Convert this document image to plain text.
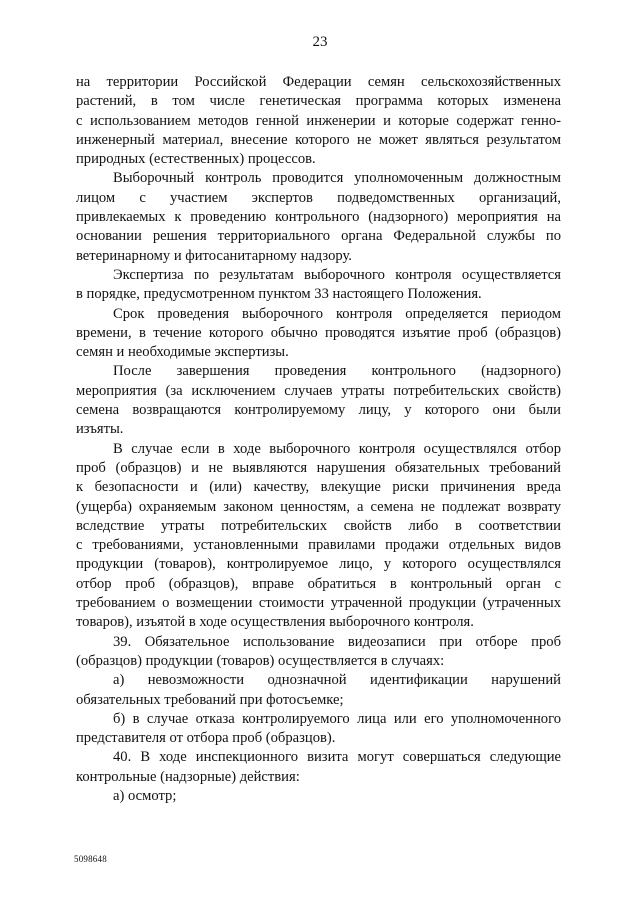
23
на территории Российской Федерации семян сельскохозяйственных
растений, в том числе генетическая программа которых изменена
с использованием методов генной инженерии и которые содержат генно-
инженерный материал, внесение которого не может являться результатом
природных (естественных) процессов.
Выборочный контроль проводится уполномоченным должностным
лицом с участием экспертов подведомственных организаций,
привлекаемых к проведению контрольного (надзорного) мероприятия на
основании решения территориального органа Федеральной службы по
ветеринарному и фитосанитарному надзору.
Экспертиза по результатам выборочного контроля осуществляется
в порядке, предусмотренном пунктом 33 настоящего Положения.
Срок проведения выборочного контроля определяется периодом
времени, в течение которого обычно проводятся изъятие проб (образцов)
семян и необходимые экспертизы.
После завершения проведения контрольного (надзорного)
мероприятия (за исключением случаев утраты потребительских свойств)
семена возвращаются контролируемому лицу, у которого они были
изъяты.
В случае если в ходе выборочного контроля осуществлялся отбор
проб (образцов) и не выявляются нарушения обязательных требований
к безопасности и (или) качеству, влекущие риски причинения вреда
(ущерба) охраняемым законом ценностям, а семена не подлежат возврату
вследствие утраты потребительских свойств либо в соответствии
с требованиями, установленными правилами продажи отдельных видов
продукции (товаров), контролируемое лицо, у которого осуществлялся
отбор проб (образцов), вправе обратиться в контрольный орган с
требованием о возмещении стоимости утраченной продукции (утраченных
товаров), изъятой в ходе осуществления выборочного контроля.
39. Обязательное использование видеозаписи при отборе проб
(образцов) продукции (товаров) осуществляется в случаях:
а) невозможности однозначной идентификации нарушений
обязательных требований при фотосъемке;
б) в случае отказа контролируемого лица или его уполномоченного
представителя от отбора проб (образцов).
40. В ходе инспекционного визита могут совершаться следующие
контрольные (надзорные) действия:
а) осмотр;
5098648
